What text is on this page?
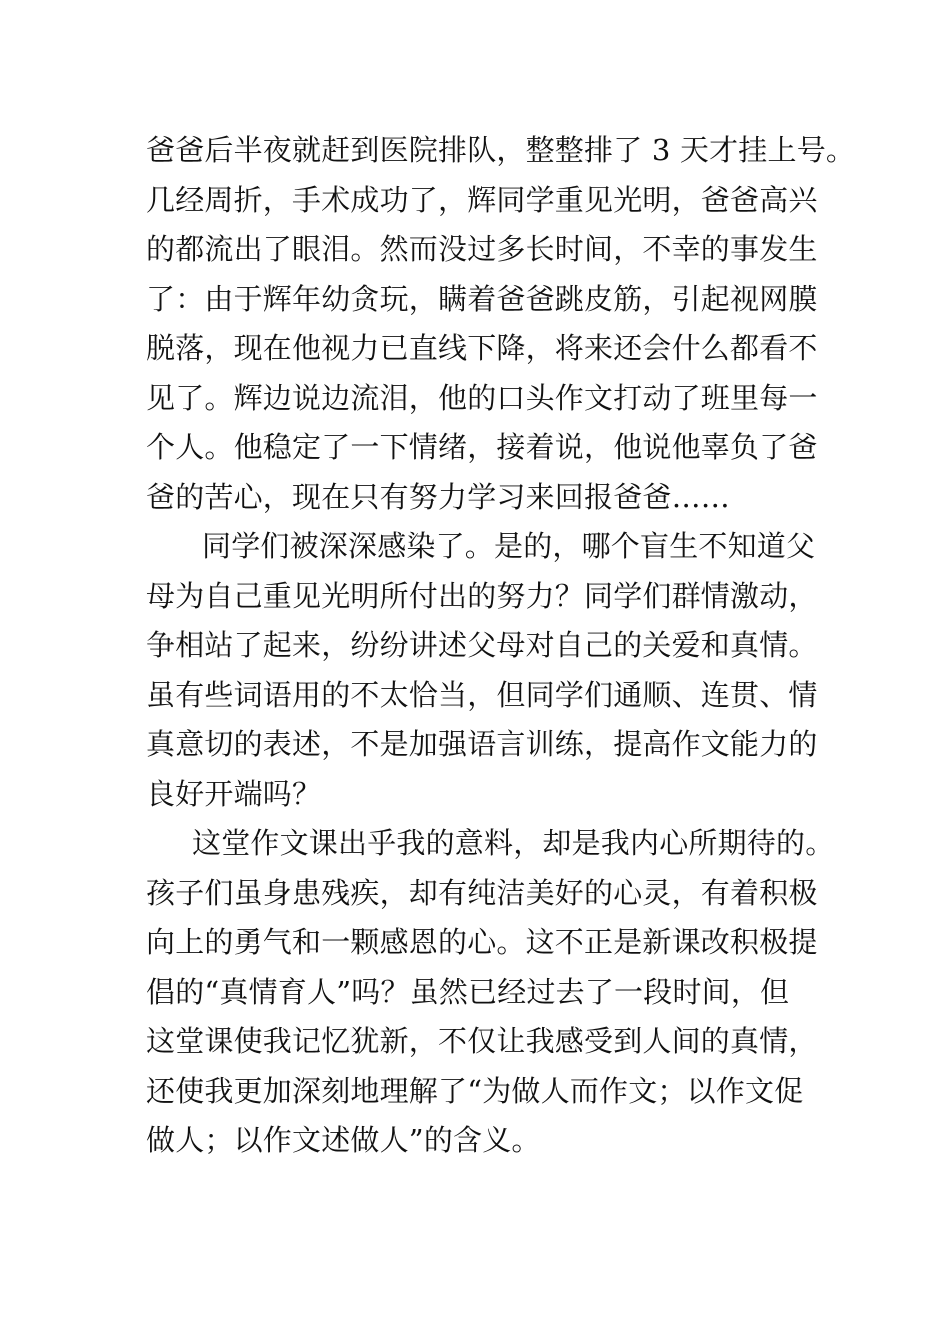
爸爸后半夜就赶到医院排队，整整排了 3 天才挂上号。
几经周折，手术成功了，辉同学重见光明，爸爸高兴
的都流出了眼泪。然而没过多长时间，不幸的事发生
了：由于辉年幼贪玩，瞒着爸爸跳皮筋，引起视网膜
脱落，现在他视力已直线下降，将来还会什么都看不
见了。辉边说边流泪，他的口头作文打动了班里每一
个人。他稳定了一下情绪，接着说，他说他辜负了爸
爸的苦心，现在只有努力学习来回报爸爸……
同学们被深深感染了。是的，哪个盲生不知道父
母为自己重见光明所付出的努力？同学们群情激动，
争相站了起来，纷纷讲述父母对自己的关爱和真情。
虽有些词语用的不太恰当，但同学们通顺、连贯、情
真意切的表述，不是加强语言训练，提高作文能力的
良好开端吗？
这堂作文课出乎我的意料，却是我内心所期待的。
孩子们虽身患残疾，却有纯洁美好的心灵，有着积极
向上的勇气和一颗感恩的心。这不正是新课改积极提
倡的“真情育人”吗？虽然已经过去了一段时间，但
这堂课使我记忆犹新，不仅让我感受到人间的真情，
还使我更加深刻地理解了“为做人而作文；以作文促
做人；以作文述做人”的含义。
